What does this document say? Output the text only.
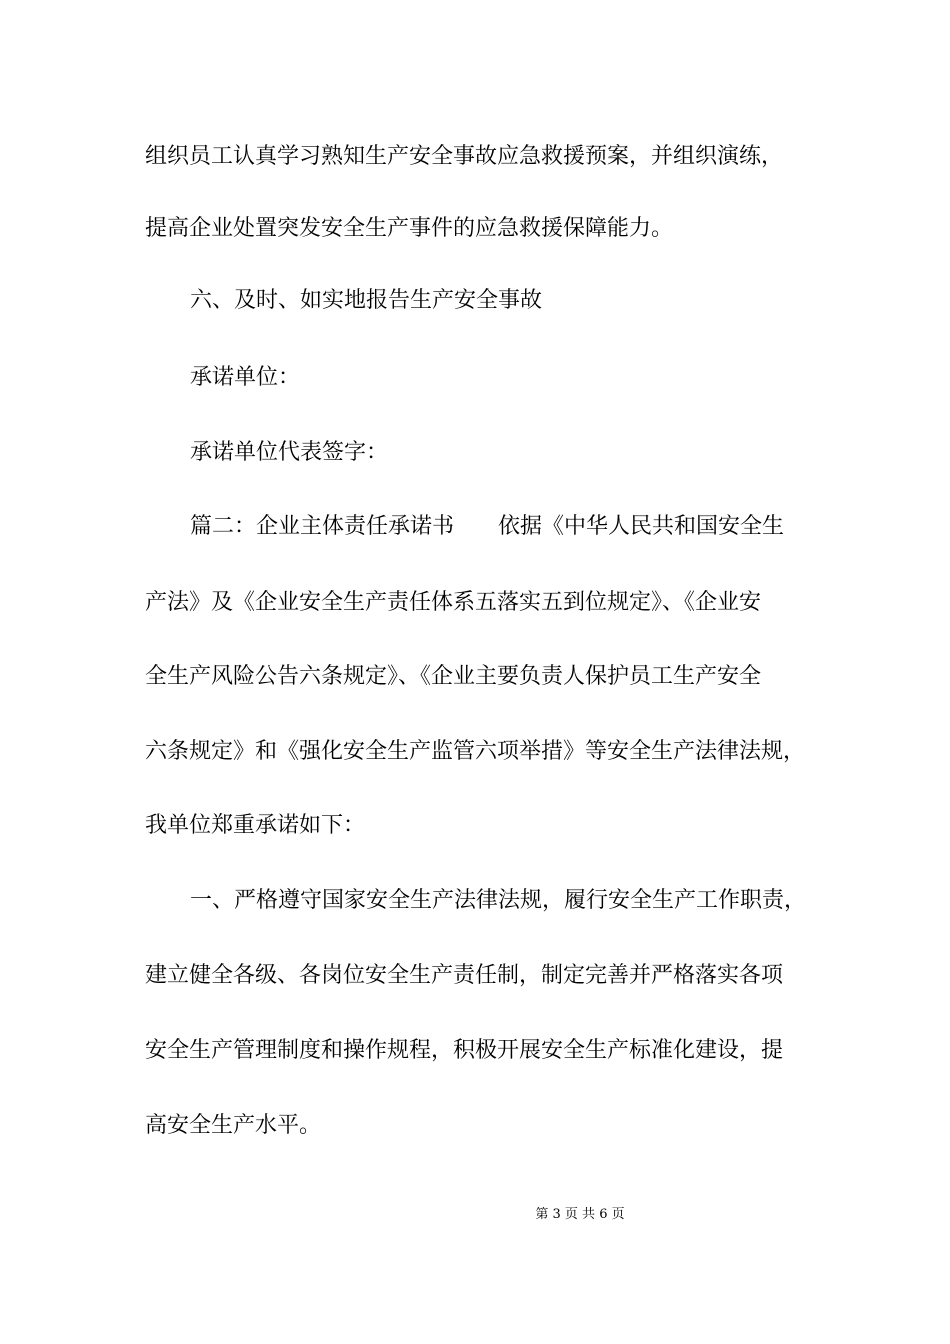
组织员工认真学习熟知生产安全事故应急救援预案，并组织演练，
提高企业处置突发安全生产事件的应急救援保障能力。
六、及时、如实地报告生产安全事故
承诺单位：
承诺单位代表签字：
篇二：企业主体责任承诺书　　依据《中华人民共和国安全生
产法》及《企业安全生产责任体系五落实五到位规定》、《企业安
全生产风险公告六条规定》、《企业主要负责人保护员工生产安全
六条规定》和《强化安全生产监管六项举措》等安全生产法律法规，
我单位郑重承诺如下：
一、严格遵守国家安全生产法律法规，履行安全生产工作职责，
建立健全各级、各岗位安全生产责任制，制定完善并严格落实各项
安全生产管理制度和操作规程，积极开展安全生产标准化建设，提
高安全生产水平。
第 3 页 共 6 页
